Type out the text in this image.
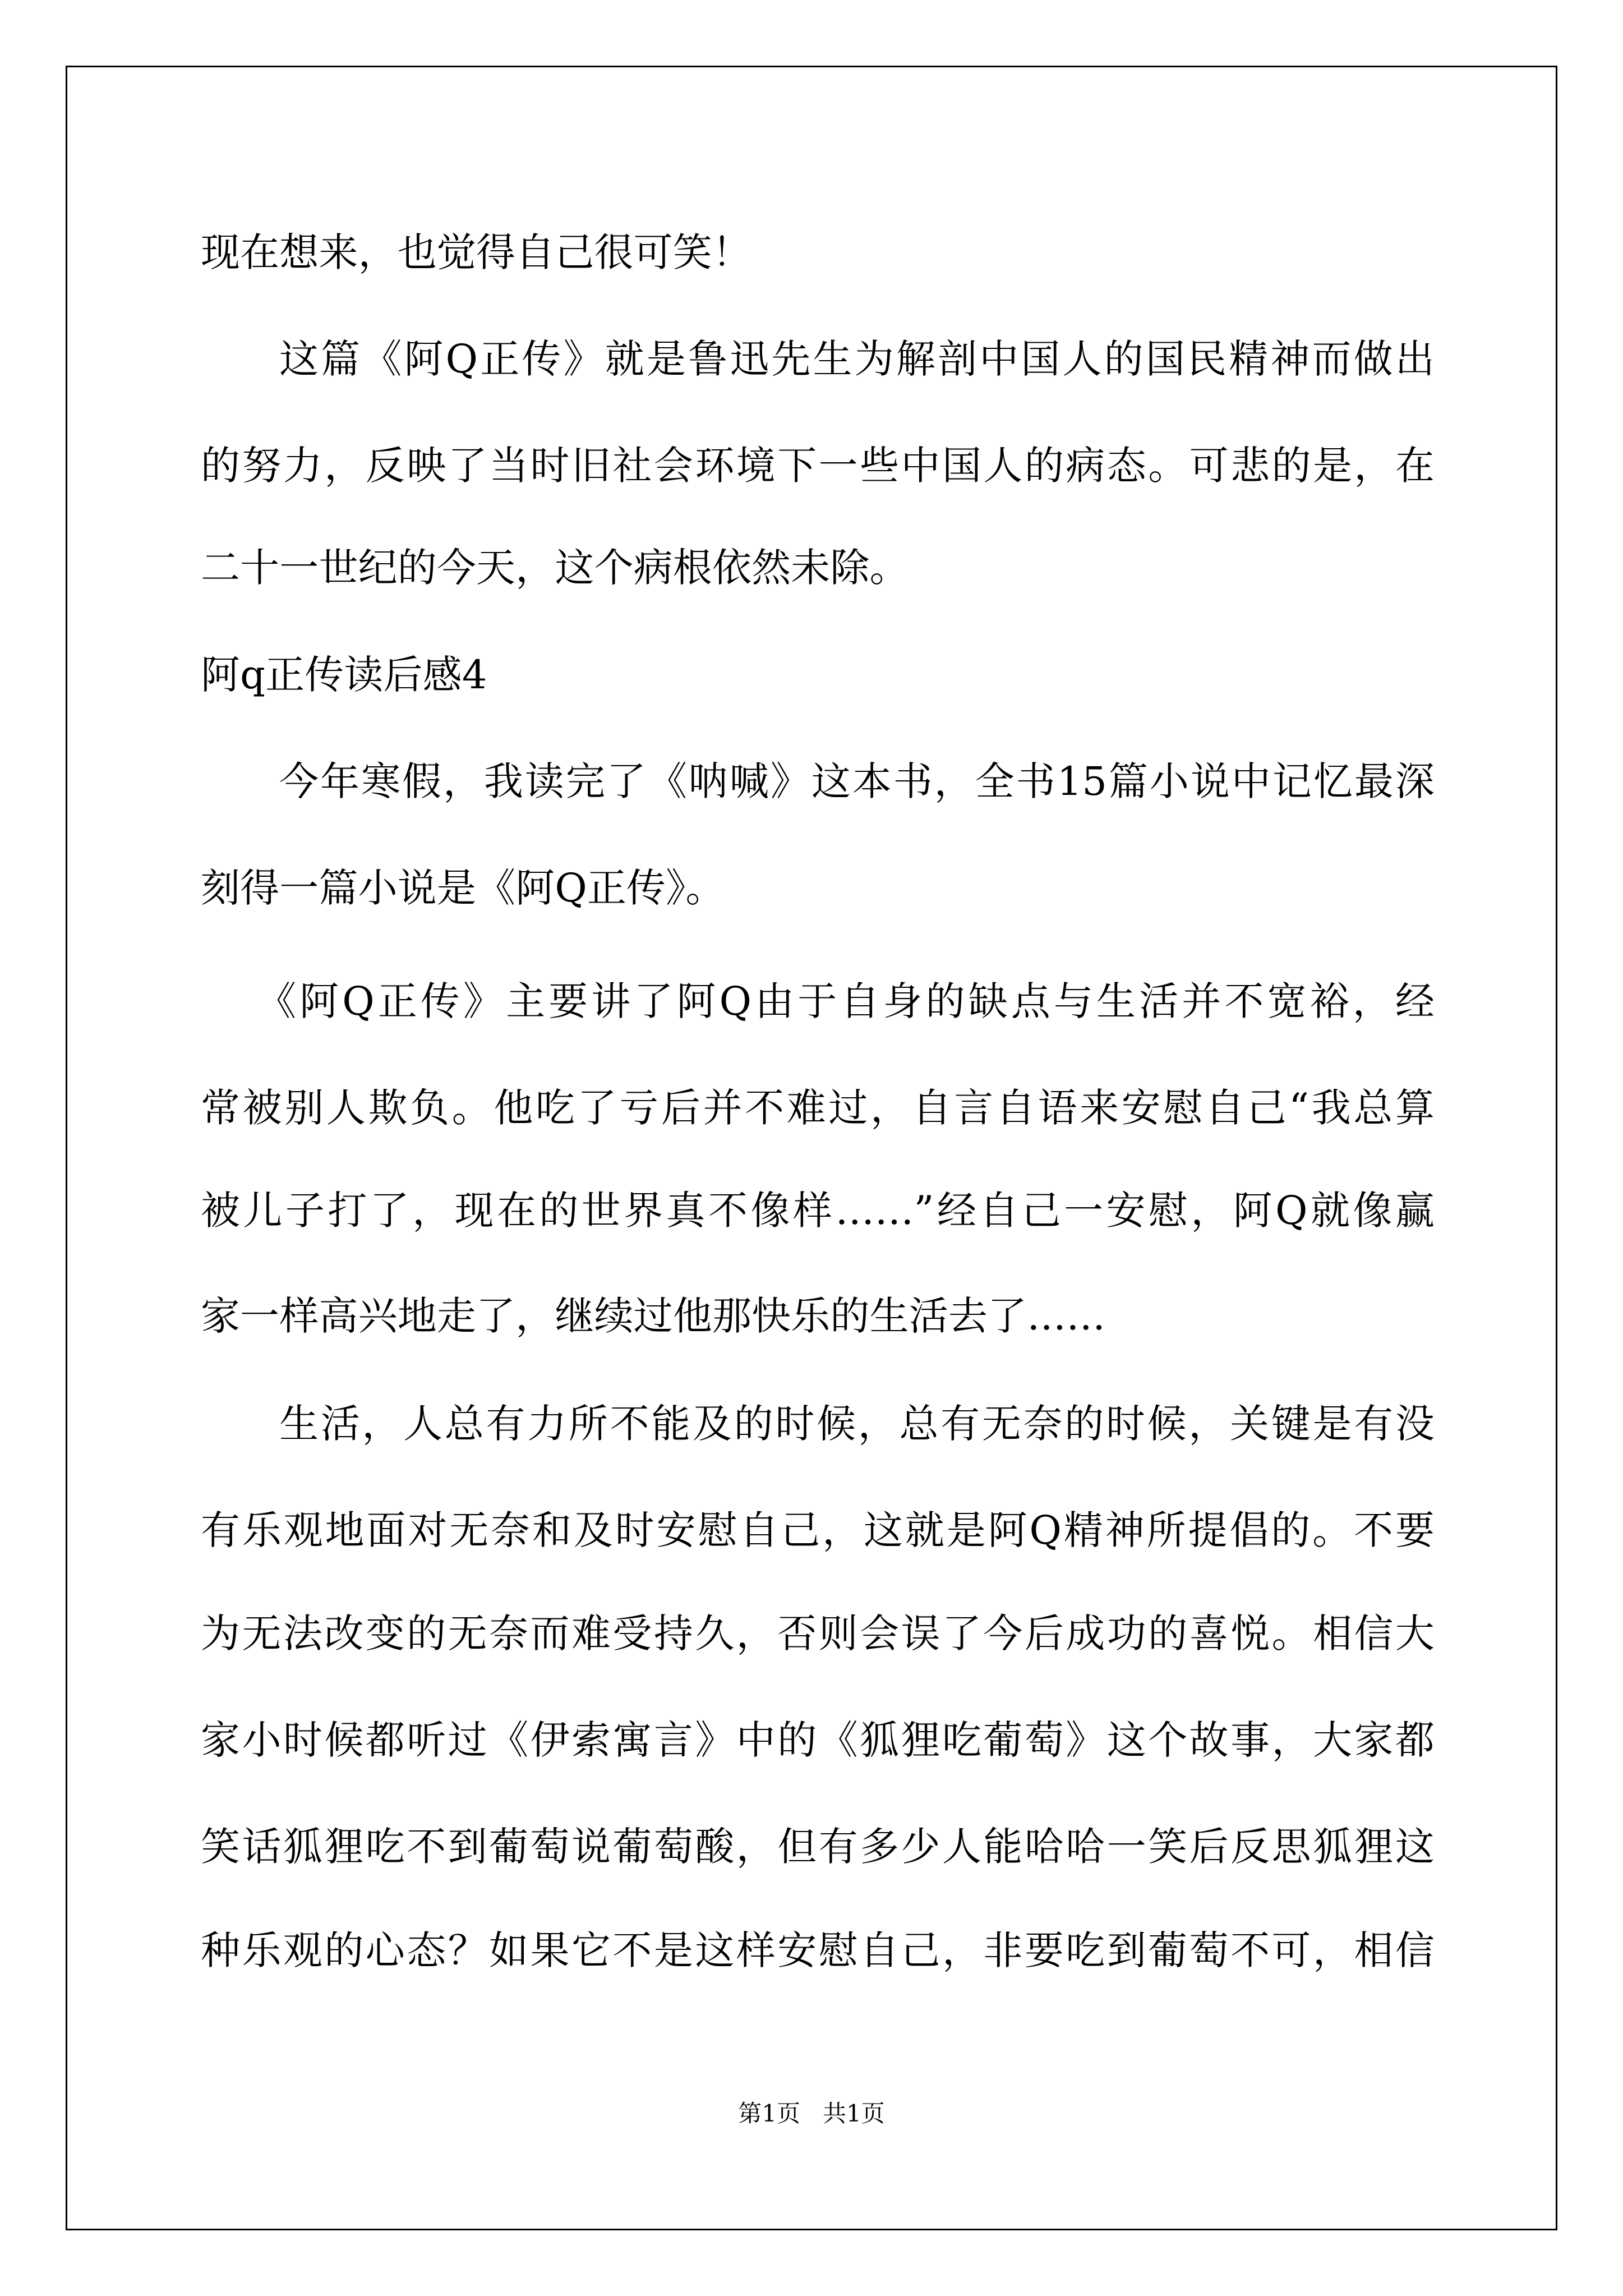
现在想来，也觉得自己很可笑！
这篇《阿Q正传》就是鲁迅先生为解剖中国人的国民精神而做出
的努力，反映了当时旧社会环境下一些中国人的病态。可悲的是，在
二十一世纪的今天，这个病根依然未除。
阿q正传读后感4
今年寒假，我读完了《呐喊》这本书，全书15篇小说中记忆最深
刻得一篇小说是《阿Q正传》。
《阿Q正传》主要讲了阿Q由于自身的缺点与生活并不宽裕，经
常被别人欺负。他吃了亏后并不难过，自言自语来安慰自己“我总算
被儿子打了，现在的世界真不像样……”经自己一安慰，阿Q就像赢
家一样高兴地走了，继续过他那快乐的生活去了……
生活，人总有力所不能及的时候，总有无奈的时候，关键是有没
有乐观地面对无奈和及时安慰自己，这就是阿Q精神所提倡的。不要
为无法改变的无奈而难受持久，否则会误了今后成功的喜悦。相信大
家小时候都听过《伊索寓言》中的《狐狸吃葡萄》这个故事，大家都
笑话狐狸吃不到葡萄说葡萄酸，但有多少人能哈哈一笑后反思狐狸这
种乐观的心态？如果它不是这样安慰自己，非要吃到葡萄不可，相信
第1页   共1页
